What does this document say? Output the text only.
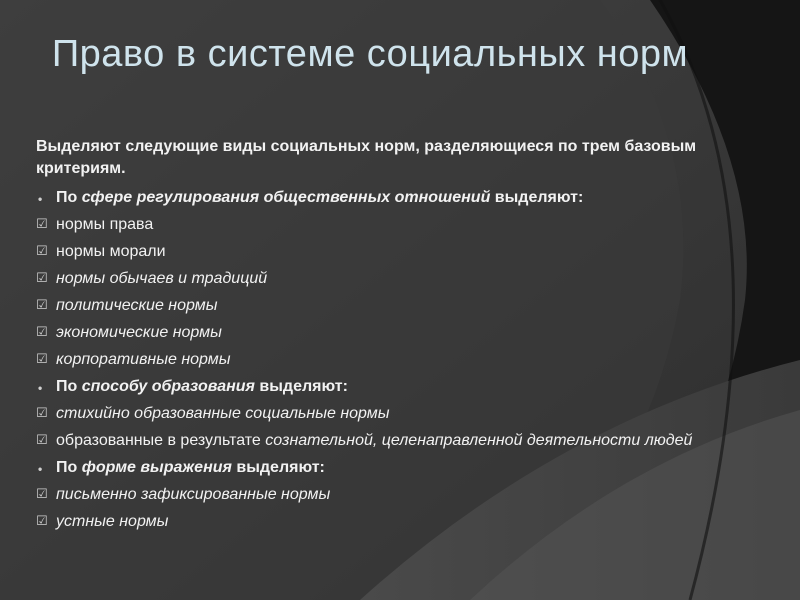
Право в системе социальных норм
Выделяют следующие виды социальных норм, разделяющиеся по трем базовым критериям.
• По сфере регулирования общественных отношений выделяют:
☑ нормы права
☑ нормы морали
☑ нормы обычаев и традиций
☑ политические нормы
☑ экономические нормы
☑ корпоративные нормы
• По способу образования выделяют:
☑ стихийно образованные социальные нормы
☑ образованные в результате сознательной, целенаправленной деятельности людей
• По форме выражения выделяют:
☑ письменно зафиксированные нормы
☑ устные нормы
